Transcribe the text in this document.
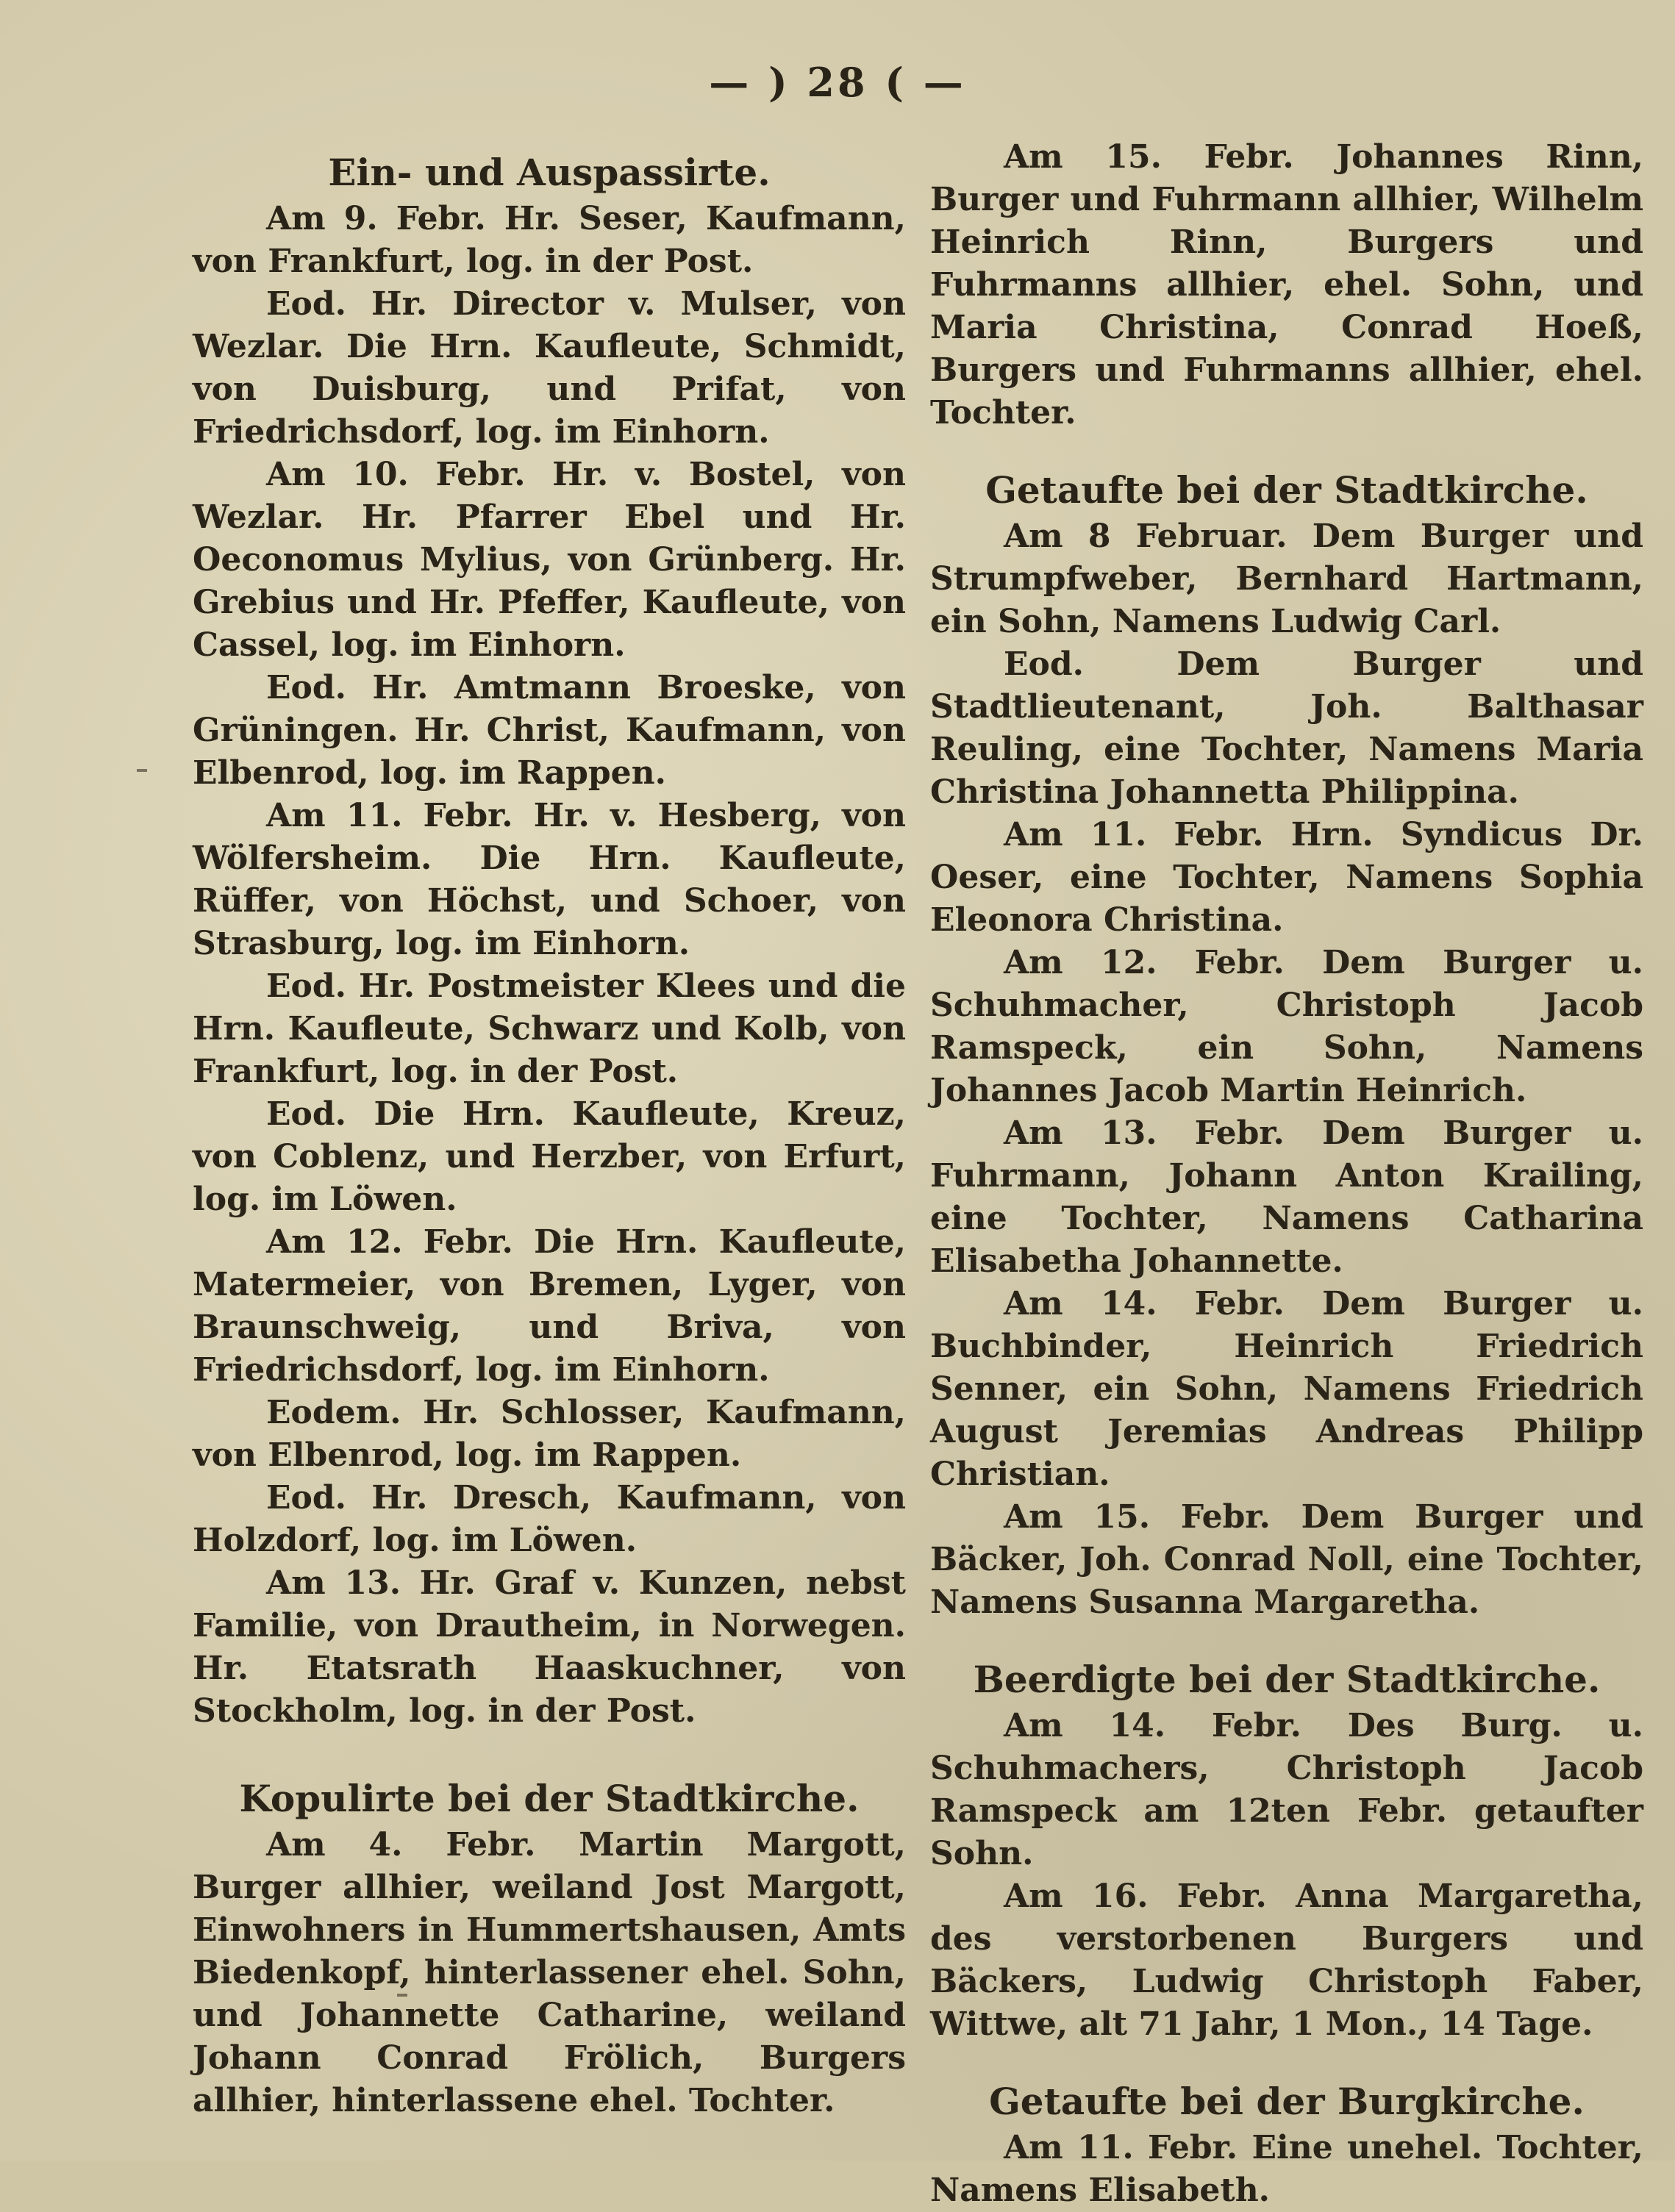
— ) 28 ( —
Ein- und Auspassirte.

Am 9. Febr. Hr. Seser, Kaufmann, von Frankfurt, log. in der Post.

Eod. Hr. Director v. Mulser, von Wezlar. Die Hrn. Kaufleute, Schmidt, von Duisburg, und Prifat, von Friedrichsdorf, log. im Einhorn.

Am 10. Febr. Hr. v. Bostel, von Wezlar. Hr. Pfarrer Ebel und Hr. Oeconomus Mylius, von Grünberg. Hr. Grebius und Hr. Pfeffer, Kaufleute, von Cassel, log. im Einhorn.

Eod. Hr. Amtmann Broeske, von Grüningen. Hr. Christ, Kaufmann, von Elbenrod, log. im Rappen.

Am 11. Febr. Hr. v. Hesberg, von Wölfersheim. Die Hrn. Kaufleute, Rüffer, von Höchst, und Schoer, von Strasburg, log. im Einhorn.

Eod. Hr. Postmeister Klees und die Hrn. Kaufleute, Schwarz und Kolb, von Frankfurt, log. in der Post.

Eod. Die Hrn. Kaufleute, Kreuz, von Coblenz, und Herzber, von Erfurt, log. im Löwen.

Am 12. Febr. Die Hrn. Kaufleute, Matermeier, von Bremen, Lyger, von Braunschweig, und Briva, von Friedrichsdorf, log. im Einhorn.

Eodem. Hr. Schlosser, Kaufmann, von Elbenrod, log. im Rappen.

Eod. Hr. Dresch, Kaufmann, von Holzdorf, log. im Löwen.

Am 13. Hr. Graf v. Kunzen, nebst Familie, von Drautheim, in Norwegen. Hr. Etatsrath Haaskuchner, von Stockholm, log. in der Post.

Kopulirte bei der Stadtkirche.

Am 4. Febr. Martin Margott, Burger allhier, weiland Jost Margott, Einwohners in Hummertshausen, Amts Biedenkopf, hinterlassener ehel. Sohn, und Johannette Catharine, weiland Johann Conrad Frölich, Burgers allhier, hinterlassene ehel. Tochter.

Am 15. Febr. Johannes Rinn, Burger und Fuhrmann allhier, Wilhelm Heinrich Rinn, Burgers und Fuhrmanns allhier, ehel. Sohn, und Maria Christina, Conrad Hoeß, Burgers und Fuhrmanns allhier, ehel. Tochter.

Getaufte bei der Stadtkirche.

Am 8 Februar. Dem Burger und Strumpfweber, Bernhard Hartmann, ein Sohn, Namens Ludwig Carl.

Eod. Dem Burger und Stadtlieutenant, Joh. Balthasar Reuling, eine Tochter, Namens Maria Christina Johannetta Philippina.

Am 11. Febr. Hrn. Syndicus Dr. Oeser, eine Tochter, Namens Sophia Eleonora Christina.

Am 12. Febr. Dem Burger u. Schuhmacher, Christoph Jacob Ramspeck, ein Sohn, Namens Johannes Jacob Martin Heinrich.

Am 13. Febr. Dem Burger u. Fuhrmann, Johann Anton Krailing, eine Tochter, Namens Catharina Elisabetha Johannette.

Am 14. Febr. Dem Burger u. Buchbinder, Heinrich Friedrich Senner, ein Sohn, Namens Friedrich August Jeremias Andreas Philipp Christian.

Am 15. Febr. Dem Burger und Bäcker, Joh. Conrad Noll, eine Tochter, Namens Susanna Margaretha.

Beerdigte bei der Stadtkirche.

Am 14. Febr. Des Burg. u. Schuhmachers, Christoph Jacob Ramspeck am 12ten Febr. getaufter Sohn.

Am 16. Febr. Anna Margaretha, des verstorbenen Burgers und Bäckers, Ludwig Christoph Faber, Wittwe, alt 71 Jahr, 1 Mon., 14 Tage.

Getaufte bei der Burgkirche.

Am 11. Febr. Eine unehel. Tochter, Namens Elisabeth.
